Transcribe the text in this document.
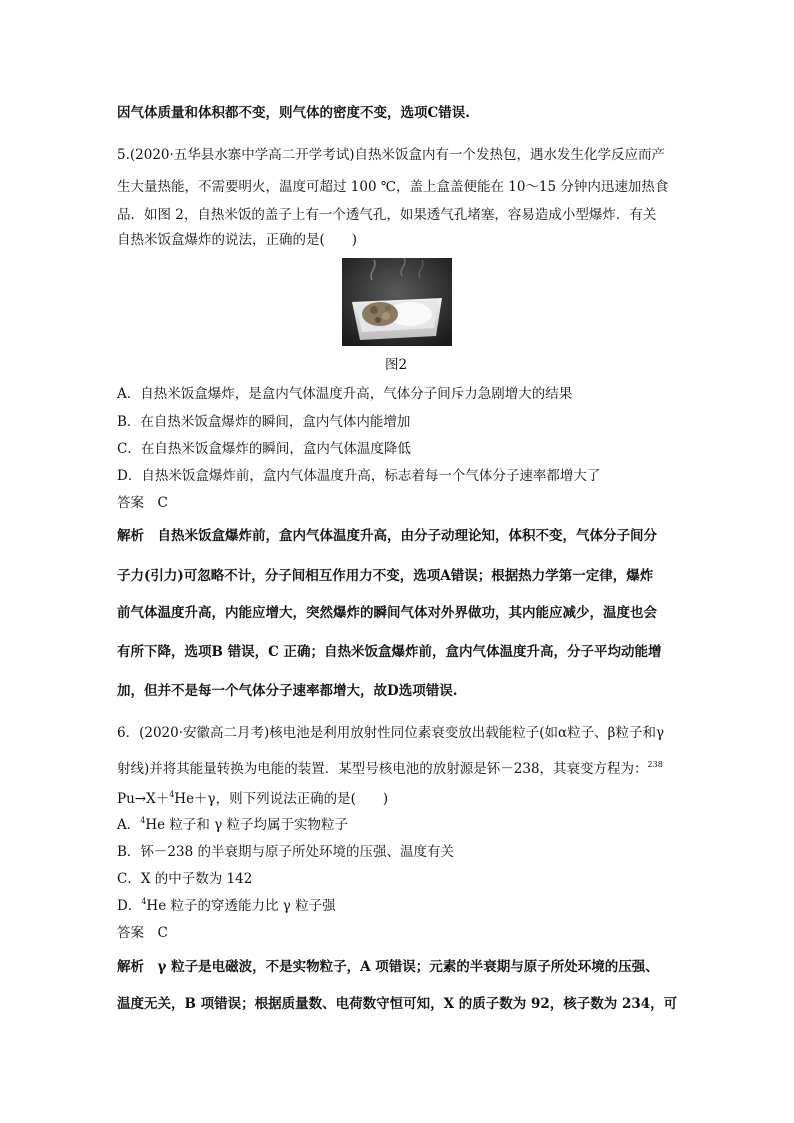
因气体质量和体积都不变，则气体的密度不变，选项C错误.
5.(2020·五华县水寨中学高二开学考试)自热米饭盒内有一个发热包，遇水发生化学反应而产
生大量热能，不需要明火，温度可超过 100 ℃，盖上盒盖便能在 10～15 分钟内迅速加热食
品．如图 2，自热米饭的盖子上有一个透气孔，如果透气孔堵塞，容易造成小型爆炸．有关
自热米饭盒爆炸的说法，正确的是(　　)
图2
A．自热米饭盒爆炸，是盒内气体温度升高，气体分子间斥力急剧增大的结果
B．在自热米饭盒爆炸的瞬间，盒内气体内能增加
C．在自热米饭盒爆炸的瞬间，盒内气体温度降低
D．自热米饭盒爆炸前，盒内气体温度升高，标志着每一个气体分子速率都增大了
答案　C
解析　自热米饭盒爆炸前，盒内气体温度升高，由分子动理论知，体积不变，气体分子间分
子力(引力)可忽略不计，分子间相互作用力不变，选项A错误；根据热力学第一定律，爆炸
前气体温度升高，内能应增大，突然爆炸的瞬间气体对外界做功，其内能应减少，温度也会
有所下降，选项B 错误，C 正确；自热米饭盒爆炸前，盒内气体温度升高，分子平均动能增
加，但并不是每一个气体分子速率都增大，故D选项错误.
6．(2020·安徽高二月考)核电池是利用放射性同位素衰变放出载能粒子(如α粒子、β粒子和γ
射线)并将其能量转换为电能的装置．某型号核电池的放射源是钚－238，其衰变方程为：$^{238}$
Pu→X＋$^4$He＋γ，则下列说法正确的是(　　)
A．$^4$He 粒子和 γ 粒子均属于实物粒子
B．钚－238 的半衰期与原子所处环境的压强、温度有关
C．X 的中子数为 142
D．$^4$He 粒子的穿透能力比 γ 粒子强
答案　C
解析　γ 粒子是电磁波，不是实物粒子，A 项错误；元素的半衰期与原子所处环境的压强、
温度无关，B 项错误；根据质量数、电荷数守恒可知，X 的质子数为 92，核子数为 234，可
